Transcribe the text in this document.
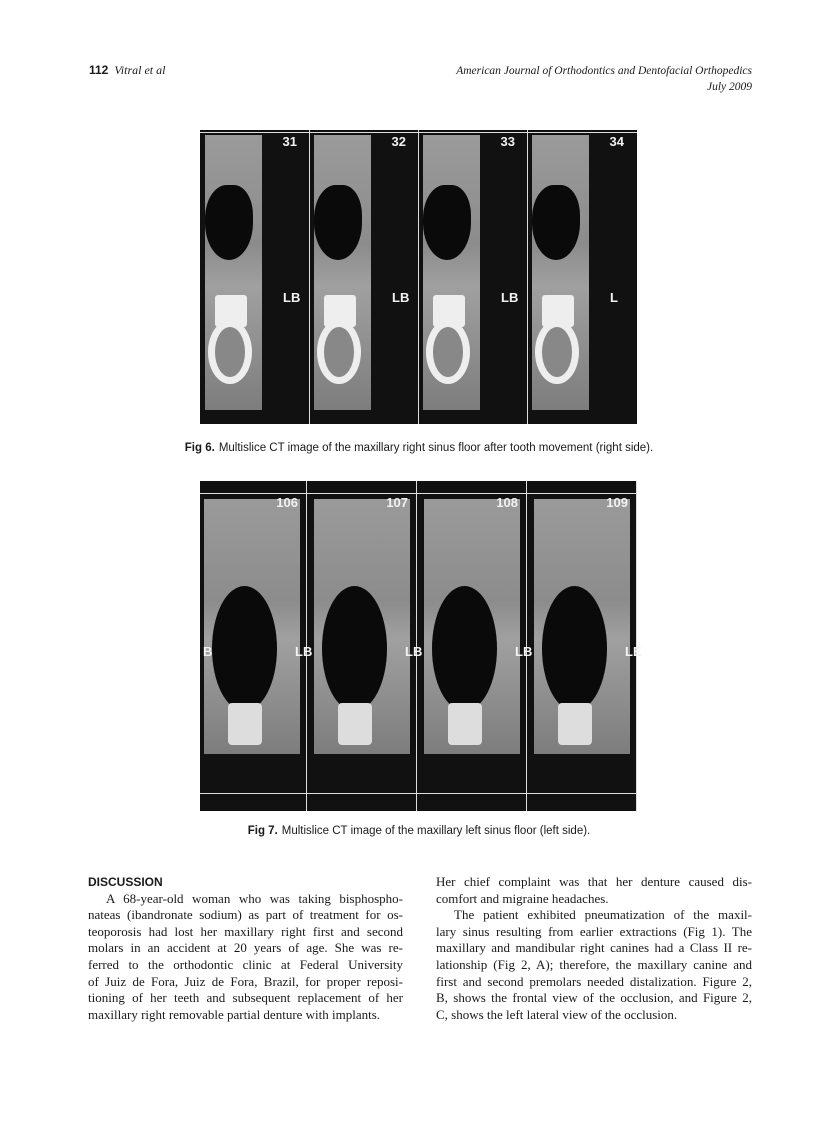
112 Vitral et al	American Journal of Orthodontics and Dentofacial Orthopedics
July 2009
31
LB
32
LB
33
LB
34
L
Fig 6. Multislice CT image of the maxillary right sinus floor after tooth movement (right side).
106	107	108	109
B	LB	LB	LB	LE
Fig 7. Multislice CT image of the maxillary left sinus floor (left side).
DISCUSSION
A 68-year-old woman who was taking bisphospho-
nateas (ibandronate sodium) as part of treatment for os-
teoporosis had lost her maxillary right first and second
molars in an accident at 20 years of age. She was re-
ferred to the orthodontic clinic at Federal University
of Juiz de Fora, Juiz de Fora, Brazil, for proper reposi-
tioning of her teeth and subsequent replacement of her
maxillary right removable partial denture with implants.
Her chief complaint was that her denture caused dis-
comfort and migraine headaches.
The patient exhibited pneumatization of the maxil-
lary sinus resulting from earlier extractions (Fig 1). The
maxillary and mandibular right canines had a Class II re-
lationship (Fig 2, A); therefore, the maxillary canine and
first and second premolars needed distalization. Figure 2,
B, shows the frontal view of the occlusion, and Figure 2,
C, shows the left lateral view of the occlusion.
